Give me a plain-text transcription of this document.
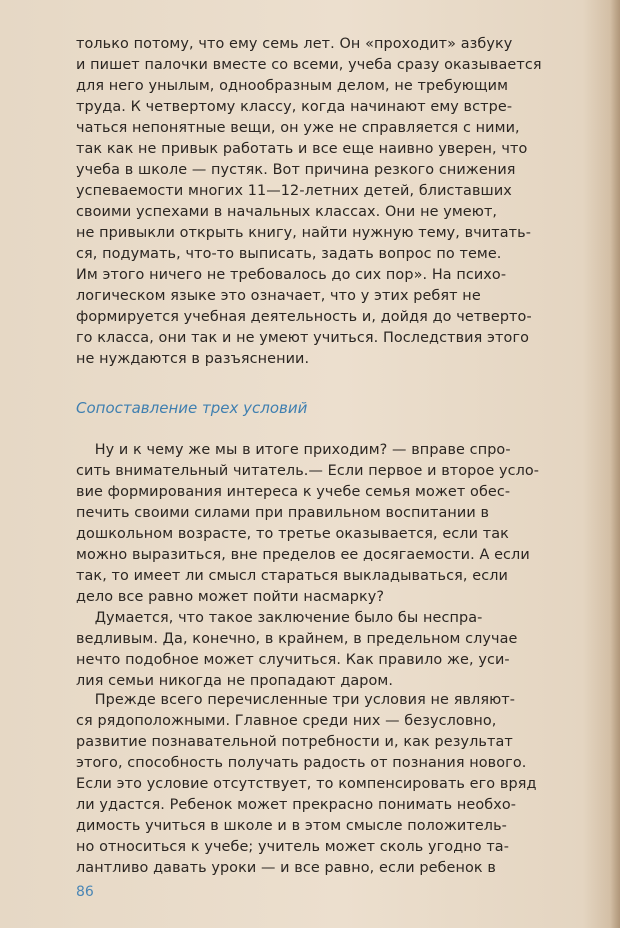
только потому, что ему семь лет. Он «проходит» азбуку
и пишет палочки вместе со всеми, учеба сразу оказывается
для него унылым, однообразным делом, не требующим
труда. К четвертому классу, когда начинают ему встре-
чаться непонятные вещи, он уже не справляется с ними,
так как не привык работать и все еще наивно уверен, что
учеба в школе — пустяк. Вот причина резкого снижения
успеваемости многих 11—12-летних детей, блиставших
своими успехами в начальных классах. Они не умеют,
не привыкли открыть книгу, найти нужную тему, вчитать-
ся, подумать, что-то выписать, задать вопрос по теме.
Им этого ничего не требовалось до сих пор». На психо-
логическом языке это означает, что у этих ребят не
формируется учебная деятельность и, дойдя до четверто-
го класса, они так и не умеют учиться. Последствия этого
не нуждаются в разъяснении.

Сопоставление трех условий

Ну и к чему же мы в итоге приходим? — вправе спро-
сить внимательный читатель.— Если первое и второе усло-
вие формирования интереса к учебе семья может обес-
печить своими силами при правильном воспитании в
дошкольном возрасте, то третье оказывается, если так
можно выразиться, вне пределов ее досягаемости. А если
так, то имеет ли смысл стараться выкладываться, если
дело все равно может пойти насмарку?

Думается, что такое заключение было бы неспра-
ведливым. Да, конечно, в крайнем, в предельном случае
нечто подобное может случиться. Как правило же, уси-
лия семьи никогда не пропадают даром.

Прежде всего перечисленные три условия не являют-
ся рядоположными. Главное среди них — безусловно,
развитие познавательной потребности и, как результат
этого, способность получать радость от познания нового.
Если это условие отсутствует, то компенсировать его вряд
ли удастся. Ребенок может прекрасно понимать необхо-
димость учиться в школе и в этом смысле положитель-
но относиться к учебе; учитель может сколь угодно та-
лантливо давать уроки — и все равно, если ребенок в

86
